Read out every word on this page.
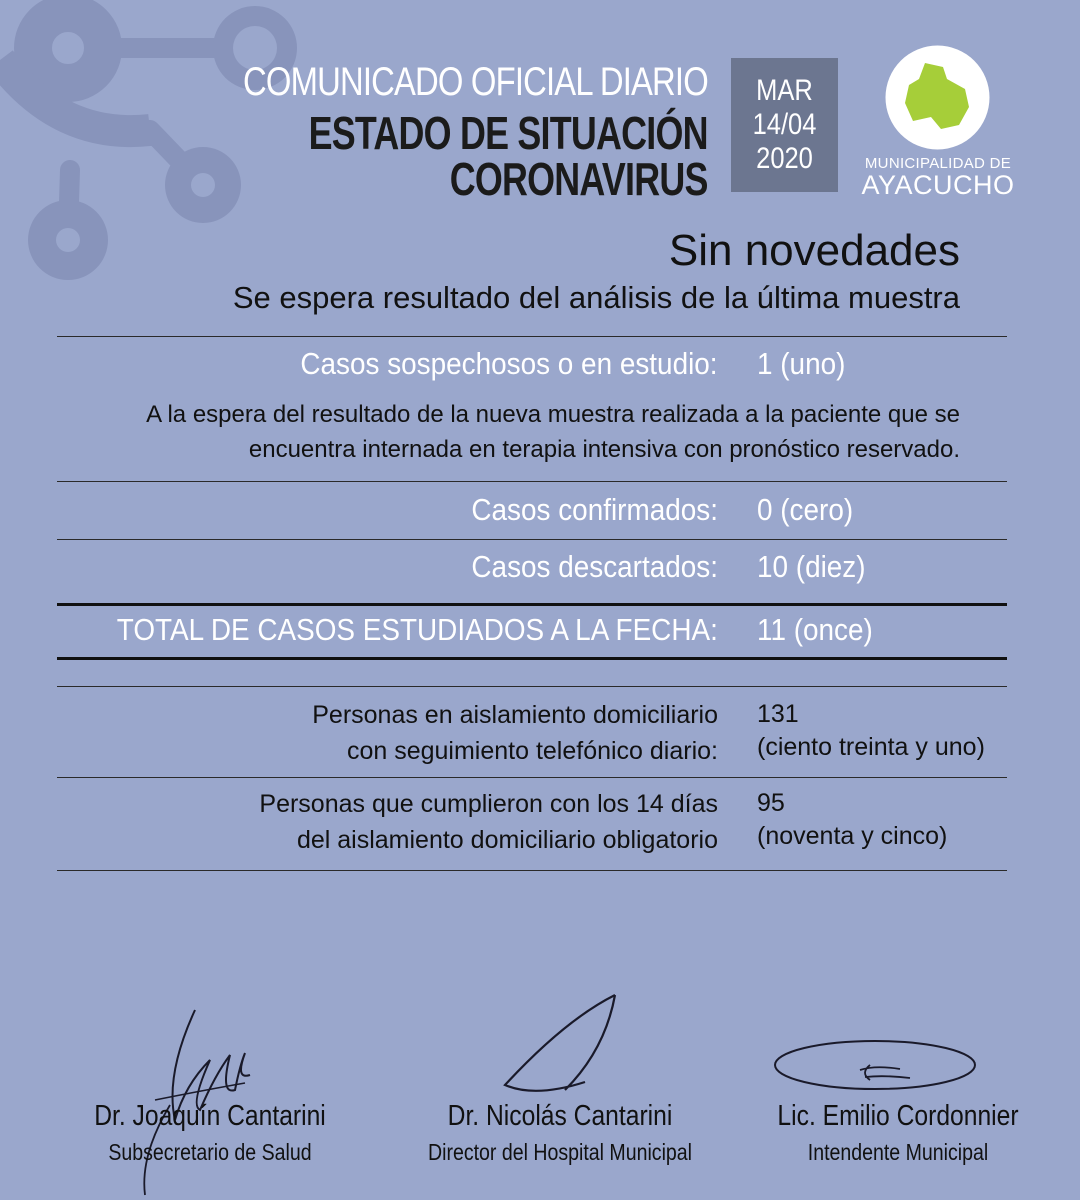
COMUNICADO OFICIAL DIARIO
ESTADO DE SITUACIÓN
CORONAVIRUS
MAR
14/04
2020	MUNICIPALIDAD DE
AYACUCHO
Sin novedades
Se espera resultado del análisis de la última muestra
Casos sospechosos o en estudio: 1 (uno)
A la espera del resultado de la nueva muestra realizada a la paciente que se encuentra internada en terapia intensiva con pronóstico reservado.
Casos confirmados: 0 (cero)
Casos descartados: 10 (diez)
TOTAL DE CASOS ESTUDIADOS A LA FECHA: 11 (once)
Personas en aislamiento domiciliario
con seguimiento telefónico diario:
131
(ciento treinta y uno)
Personas que cumplieron con los 14 días
del aislamiento domiciliario obligatorio
95
(noventa y cinco)
Dr. Joaquín Cantarini
Subsecretario de Salud
Dr. Nicolás Cantarini
Director del Hospital Municipal
Lic. Emilio Cordonnier
Intendente Municipal
